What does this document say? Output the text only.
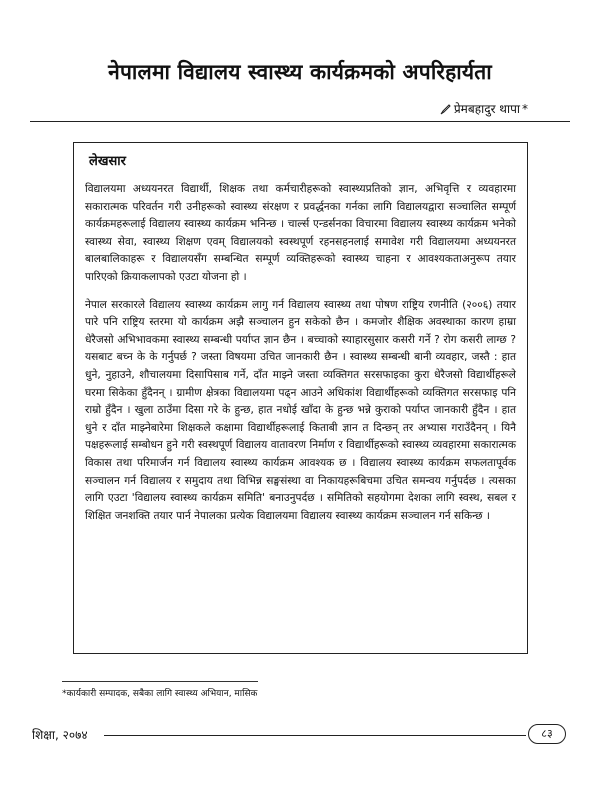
नेपालमा विद्यालय स्वास्थ्य कार्यक्रमको अपरिहार्यता
प्रेमबहादुर थापा *
लेखसार

विद्यालयमा अध्ययनरत विद्यार्थी, शिक्षक तथा कर्मचारीहरूको स्वास्थ्यप्रतिको ज्ञान, अभिवृत्ति र व्यवहारमा सकारात्मक परिवर्तन गरी उनीहरूको स्वास्थ्य संरक्षण र प्रवर्द्धनका गर्नका लागि विद्यालयद्वारा सञ्चालित सम्पूर्ण कार्यक्रमहरूलाई विद्यालय स्वास्थ्य कार्यक्रम भनिन्छ । चार्ल्स एन्डर्सनका विचारमा विद्यालय स्वास्थ्य कार्यक्रम भनेको स्वास्थ्य सेवा, स्वास्थ्य शिक्षण एवम् विद्यालयको स्वस्थपूर्ण रहनसहनलाई समावेश गरी विद्यालयमा अध्ययनरत बालबालिकाहरू र विद्यालयसँग सम्बन्धित सम्पूर्ण व्यक्तिहरूको स्वास्थ्य चाहना र आवश्यकताअनुरूप तयार पारिएको क्रियाकलापको एउटा योजना हो ।

नेपाल सरकारले विद्यालय स्वास्थ्य कार्यक्रम लागु गर्न विद्यालय स्वास्थ्य तथा पोषण राष्ट्रिय रणनीति (२००६) तयार पारे पनि राष्ट्रिय स्तरमा यो कार्यक्रम अझै सञ्चालन हुन सकेको छैन । कमजोर शैक्षिक अवस्थाका कारण हाम्रा धेरैजसो अभिभावकमा स्वास्थ्य सम्बन्धी पर्याप्त ज्ञान छैन । बच्चाको स्याहारसुसार कसरी गर्ने ? रोग कसरी लाग्छ ? यसबाट बच्न के के गर्नुपर्छ ? जस्ता विषयमा उचित जानकारी छैन । स्वास्थ्य सम्बन्धी बानी व्यवहार, जस्तै : हात धुने, नुहाउने, शौचालयमा दिसापिसाब गर्ने, दाँत माझ्ने जस्ता व्यक्तिगत सरसफाइका कुरा धेरैजसो विद्यार्थीहरूले घरमा सिकेका हुँदैनन् । ग्रामीण क्षेत्रका विद्यालयमा पढ्न आउने अधिकांश विद्यार्थीहरूको व्यक्तिगत सरसफाइ पनि राम्रो हुँदैन । खुला ठाउँमा दिसा गरे के हुन्छ, हात नधोई खाँदा के हुन्छ भन्ने कुराको पर्याप्त जानकारी हुँदैन । हात धुने र दाँत माझ्नेबारेमा शिक्षकले कक्षामा विद्यार्थीहरूलाई किताबी ज्ञान त दिन्छन् तर अभ्यास गराउँदैनन् । यिनै पक्षहरूलाई सम्बोधन हुने गरी स्वस्थपूर्ण विद्यालय वातावरण निर्माण र विद्यार्थीहरूको स्वास्थ्य व्यवहारमा सकारात्मक विकास तथा परिमार्जन गर्न विद्यालय स्वास्थ्य कार्यक्रम आवश्यक छ । विद्यालय स्वास्थ्य कार्यक्रम सफलतापूर्वक सञ्चालन गर्न विद्यालय र समुदाय तथा विभिन्न सङ्घसंस्था वा निकायहरूबिचमा उचित समन्वय गर्नुपर्दछ । त्यसका लागि एउटा 'विद्यालय स्वास्थ्य कार्यक्रम समिति' बनाउनुपर्दछ । समितिको सहयोगमा देशका लागि स्वस्थ, सबल र शिक्षित जनशक्ति तयार पार्न नेपालका प्रत्येक विद्यालयमा विद्यालय स्वास्थ्य कार्यक्रम सञ्चालन गर्न सकिन्छ ।

*कार्यकारी सम्पादक, सबैका लागि स्वास्थ्य अभियान, मासिक
शिक्षा, २०७४	८३
